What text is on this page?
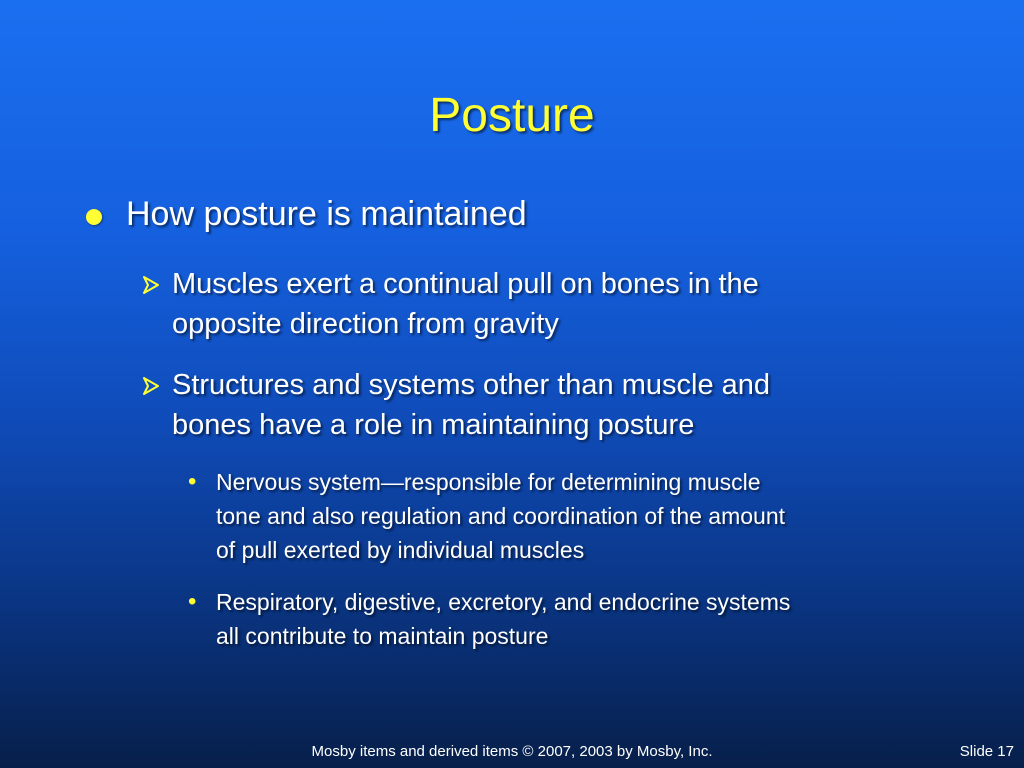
Posture
How posture is maintained
Muscles exert a continual pull on bones in the
opposite direction from gravity
Structures and systems other than muscle and
bones have a role in maintaining posture
• Nervous system—responsible for determining muscle
tone and also regulation and coordination of the amount
of pull exerted by individual muscles
• Respiratory, digestive, excretory, and endocrine systems
all contribute to maintain posture
Mosby items and derived items © 2007, 2003 by Mosby, Inc.	Slide 17
